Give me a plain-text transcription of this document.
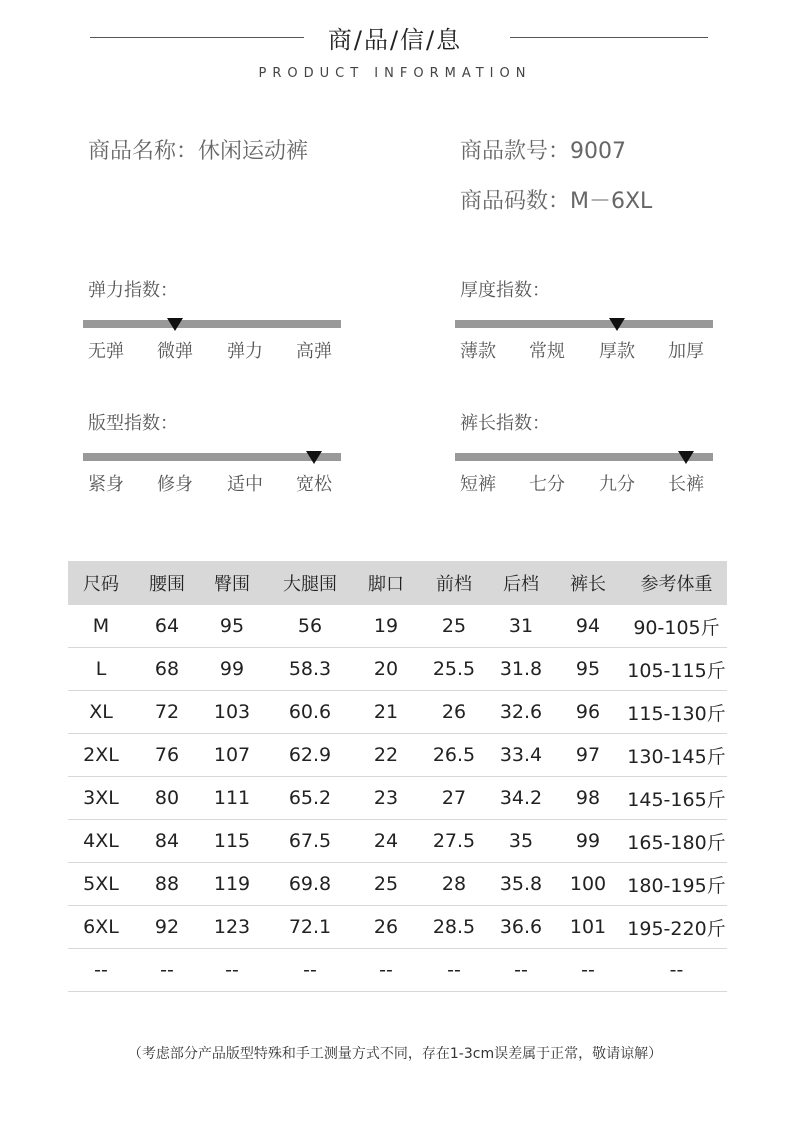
商/品/信/息
PRODUCT INFORMATION
商品名称：休闲运动裤	商品款号：9007
商品码数：M－6XL
弹力指数：
无弹	微弹	弹力	高弹
厚度指数：
薄款	常规	厚款	加厚
版型指数：
紧身	修身	适中	宽松
裤长指数：
短裤	七分	九分	长裤
尺码	腰围	臀围	大腿围	脚口	前档	后档	裤长	参考体重
M	64	95	56	19	25	31	94	90-105斤
L	68	99	58.3	20	25.5	31.8	95	105-115斤
XL	72	103	60.6	21	26	32.6	96	115-130斤
2XL	76	107	62.9	22	26.5	33.4	97	130-145斤
3XL	80	111	65.2	23	27	34.2	98	145-165斤
4XL	84	115	67.5	24	27.5	35	99	165-180斤
5XL	88	119	69.8	25	28	35.8	100	180-195斤
6XL	92	123	72.1	26	28.5	36.6	101	195-220斤
--	--	--	--	--	--	--	--	--
（考虑部分产品版型特殊和手工测量方式不同，存在1-3cm误差属于正常，敬请谅解）
